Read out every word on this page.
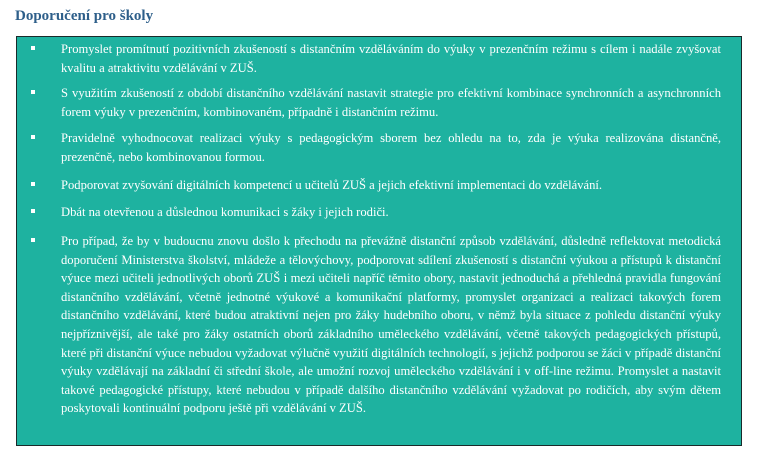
Doporučení pro školy
Promyslet promítnutí pozitivních zkušeností s distančním vzděláváním do výuky v prezenčním režimu s cílem i nadále zvyšovat kvalitu a atraktivitu vzdělávání v ZUŠ.
S využitím zkušeností z období distančního vzdělávání nastavit strategie pro efektivní kombinace synchronních a asynchronních forem výuky v prezenčním, kombinovaném, případně i distančním režimu.
Pravidelně vyhodnocovat realizaci výuky s pedagogickým sborem bez ohledu na to, zda je výuka realizována distančně, prezenčně, nebo kombinovanou formou.
Podporovat zvyšování digitálních kompetencí u učitelů ZUŠ a jejich efektivní implementaci do vzdělávání.
Dbát na otevřenou a důslednou komunikaci s žáky i jejich rodiči.
Pro případ, že by v budoucnu znovu došlo k přechodu na převážně distanční způsob vzdělávání, důsledně reflektovat metodická doporučení Ministerstva školství, mládeže a tělovýchovy, podporovat sdílení zkušeností s distanční výukou a přístupů k distanční výuce mezi učiteli jednotlivých oborů ZUŠ i mezi učiteli napříč těmito obory, nastavit jednoduchá a přehledná pravidla fungování distančního vzdělávání, včetně jednotné výukové a komunikační platformy, promyslet organizaci a realizaci takových forem distančního vzdělávání, které budou atraktivní nejen pro žáky hudebního oboru, v němž byla situace z pohledu distanční výuky nejpříznivější, ale také pro žáky ostatních oborů základního uměleckého vzdělávání, včetně takových pedagogických přístupů, které při distanční výuce nebudou vyžadovat výlučně využití digitálních technologií, s jejichž podporou se žáci v případě distanční výuky vzdělávají na základní či střední škole, ale umožní rozvoj uměleckého vzdělávání i v off-line režimu. Promyslet a nastavit takové pedagogické přístupy, které nebudou v případě dalšího distančního vzdělávání vyžadovat po rodičích, aby svým dětem poskytovali kontinuální podporu ještě při vzdělávání v ZUŠ.
